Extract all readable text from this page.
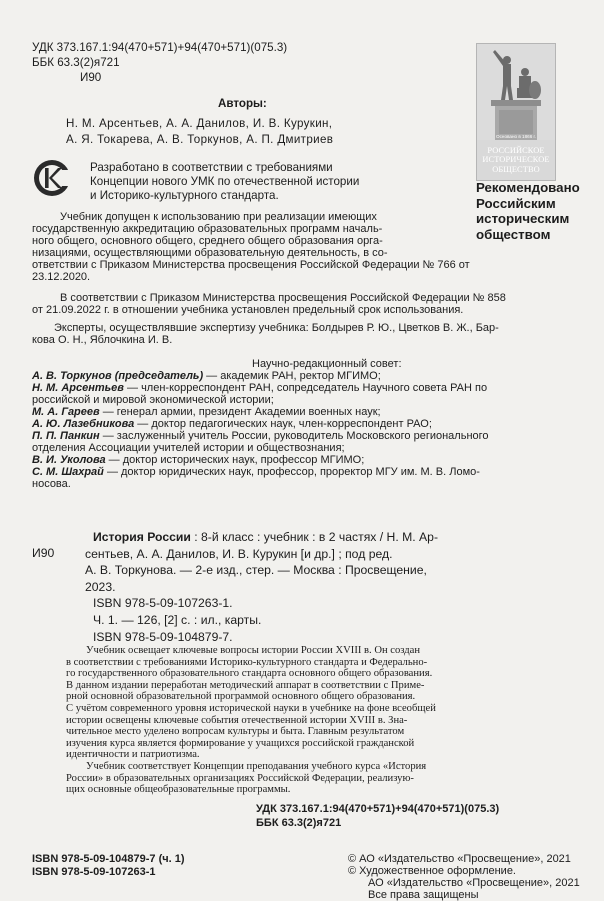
УДК 373.167.1:94(470+571)+94(470+571)(075.3)
ББК 63.3(2)я721
И90
Авторы:
Н. М. Арсентьев, А. А. Данилов, И. В. Курукин,
А. Я. Токарева, А. В. Торкунов, А. П. Дмитриев
Разработано в соответствии с требованиями
Концепции нового УМК по отечественной истории
и Историко-культурного стандарта.
Основано в 1866 г.
РОССИЙСКОЕ
ИСТОРИЧЕСКОЕ
ОБЩЕСТВО
Рекомендовано
Российским
историческим
обществом
Учебник допущен к использованию при реализации имеющих
государственную аккредитацию образовательных программ началь-
ного общего, основного общего, среднего общего образования орга-
низациями, осуществляющими образовательную деятельность, в со-
ответствии с Приказом Министерства просвещения Российской Федерации № 766 от
23.12.2020.
В соответствии с Приказом Министерства просвещения Российской Федерации № 858
от 21.09.2022 г. в отношении учебника установлен предельный срок использования.
Эксперты, осуществлявшие экспертизу учебника: Болдырев Р. Ю., Цветков В. Ж., Бар-
кова О. Н., Яблочкина И. В.
Научно-редакционный совет:
А. В. Торкунов (председатель) — академик РАН, ректор МГИМО;
Н. М. Арсентьев — член-корреспондент РАН, сопредседатель Научного совета РАН по
российской и мировой экономической истории;
М. А. Гареев — генерал армии, президент Академии военных наук;
А. Ю. Лазебникова — доктор педагогических наук, член-корреспондент РАО;
П. П. Панкин — заслуженный учитель России, руководитель Московского регионального
отделения Ассоциации учителей истории и обществознания;
В. И. Уколова — доктор исторических наук, профессор МГИМО;
С. М. Шахрай — доктор юридических наук, профессор, проректор МГУ им. М. В. Ломо-
носова.
И90
История России : 8-й класс : учебник : в 2 частях / Н. М. Ар-
сентьев, А. А. Данилов, И. В. Курукин [и др.] ; под ред.
А. В. Торкунова. — 2-е изд., стер. — Москва : Просвещение,
2023.
ISBN 978-5-09-107263-1.
Ч. 1. — 126, [2] с. : ил., карты.
ISBN 978-5-09-104879-7.
Учебник освещает ключевые вопросы истории России XVIII в. Он создан
в соответствии с требованиями Историко-культурного стандарта и Федерально-
го государственного образовательного стандарта основного общего образования.
В данном издании переработан методический аппарат в соответствии с Приме-
рной основной образовательной программой основного общего образования.
С учётом современного уровня исторической науки в учебнике на фоне всеобщей
истории освещены ключевые события отечественной истории XVIII в. Зна-
чительное место уделено вопросам культуры и быта. Главным результатом
изучения курса является формирование у учащихся российской гражданской
идентичности и патриотизма.
Учебник соответствует Концепции преподавания учебного курса «История
России» в образовательных организациях Российской Федерации, реализую-
щих основные общеобразовательные программы.
УДК 373.167.1:94(470+571)+94(470+571)(075.3)
ББК 63.3(2)я721
ISBN 978-5-09-104879-7 (ч. 1)
ISBN 978-5-09-107263-1
© АО «Издательство «Просвещение», 2021
© Художественное оформление.
АО «Издательство «Просвещение», 2021
Все права защищены
